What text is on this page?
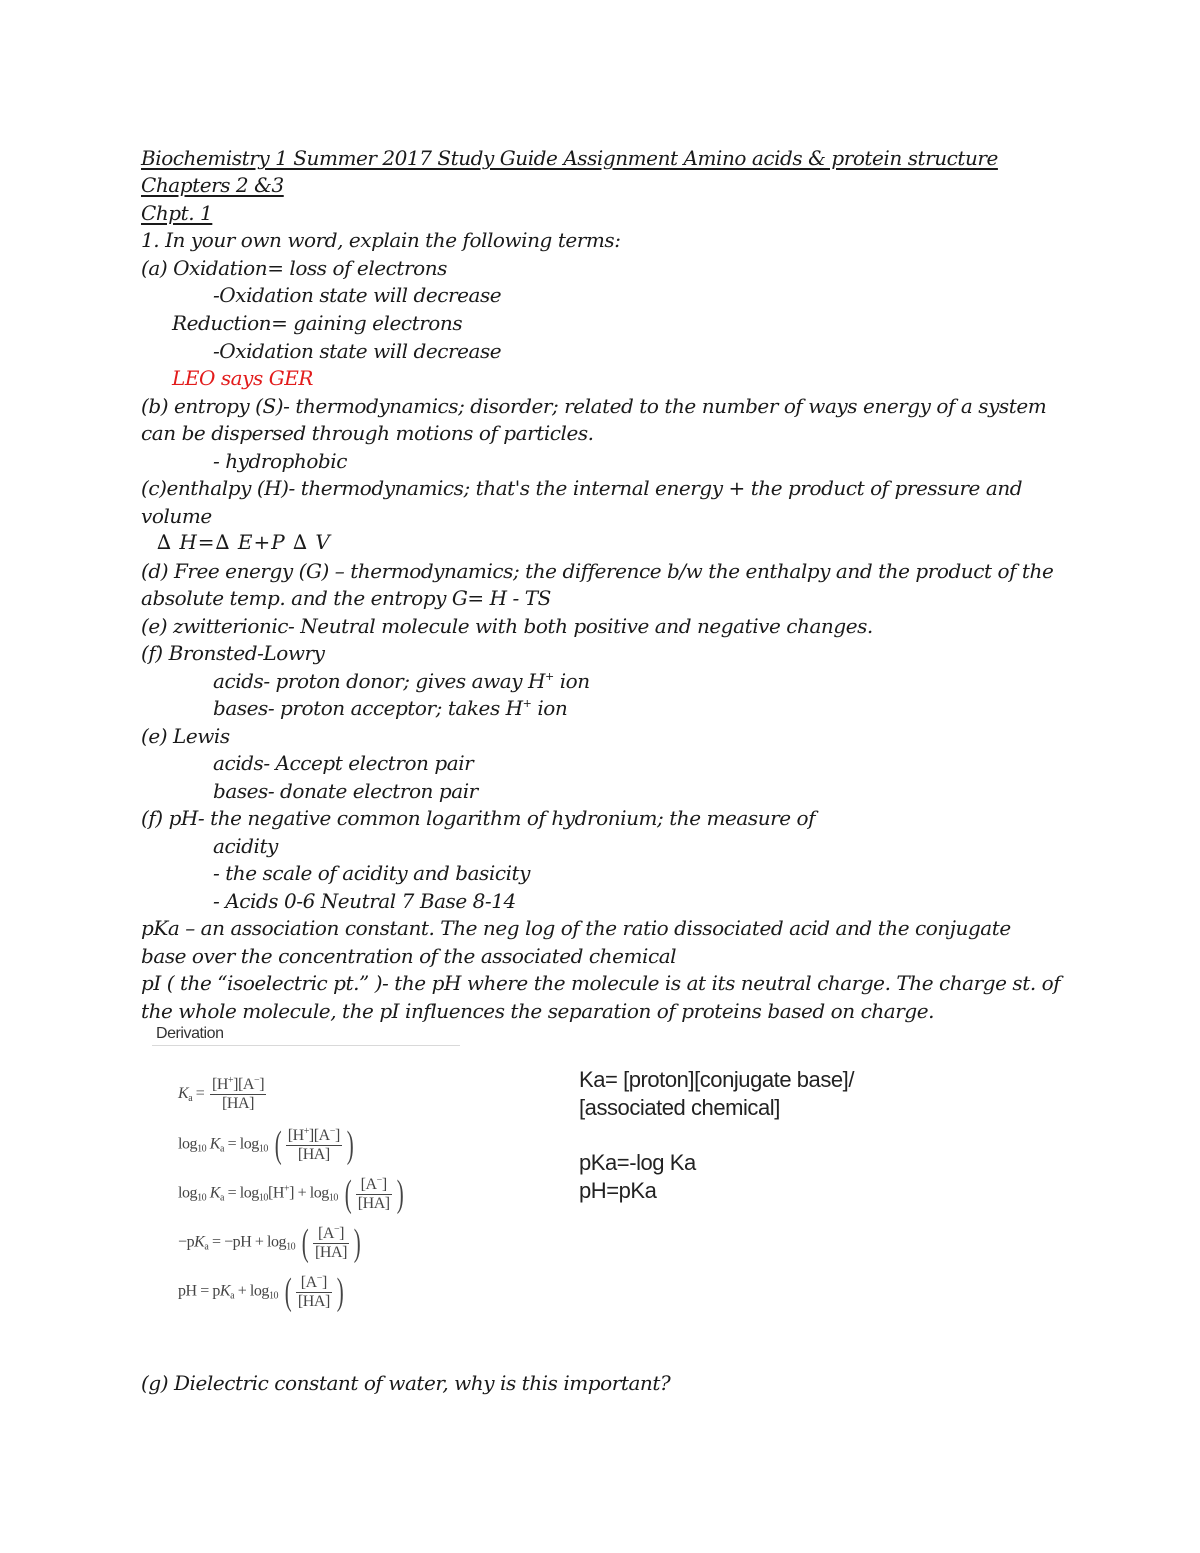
Biochemistry 1 Summer 2017 Study Guide Assignment Amino acids & protein structure
Chapters 2 &3
Chpt. 1
1. In your own word, explain the following terms:
(a) Oxidation= loss of electrons
-Oxidation state will decrease
Reduction= gaining electrons
-Oxidation state will decrease
LEO says GER
(b) entropy (S)- thermodynamics; disorder; related to the number of ways energy of a system
can be dispersed through motions of particles.
- hydrophobic
(c)enthalpy (H)- thermodynamics; that's the internal energy + the product of pressure and
volume
∆ H=∆ E+P ∆ V
(d) Free energy (G) – thermodynamics; the difference b/w the enthalpy and the product of the
absolute temp. and the entropy G= H - TS
(e) zwitterionic- Neutral molecule with both positive and negative changes.
(f) Bronsted-Lowry
acids- proton donor; gives away H+ ion
bases- proton acceptor; takes H+ ion
(e) Lewis
acids- Accept electron pair
bases- donate electron pair
(f) pH- the negative common logarithm of hydronium; the measure of
acidity
- the scale of acidity and basicity
- Acids 0-6 Neutral 7 Base 8-14
pKa – an association constant. The neg log of the ratio dissociated acid and the conjugate
base over the concentration of the associated chemical
pI ( the “isoelectric pt.” )- the pH where the molecule is at its neutral charge. The charge st. of
the whole molecule, the pI influences the separation of proteins based on charge.
Derivation
$K_a = \frac{[H^+][A^-]}{[HA]}$
$\log_{10} K_a = \log_{10}$ ( $\frac{[H^+][A^-]}{[HA]}$ )
$\log_{10} K_a = \log_{10}[H^+] + \log_{10}$ ( $\frac{[A^-]}{[HA]}$ )
$-pK_a = -pH + \log_{10}$ ( $\frac{[A^-]}{[HA]}$ )
pH = $pK_a + \log_{10}$ ( $\frac{[A^-]}{[HA]}$ )
Ka= [proton][conjugate base]/
[associated chemical]
pKa=-log Ka
pH=pKa
(g) Dielectric constant of water, why is this important?
